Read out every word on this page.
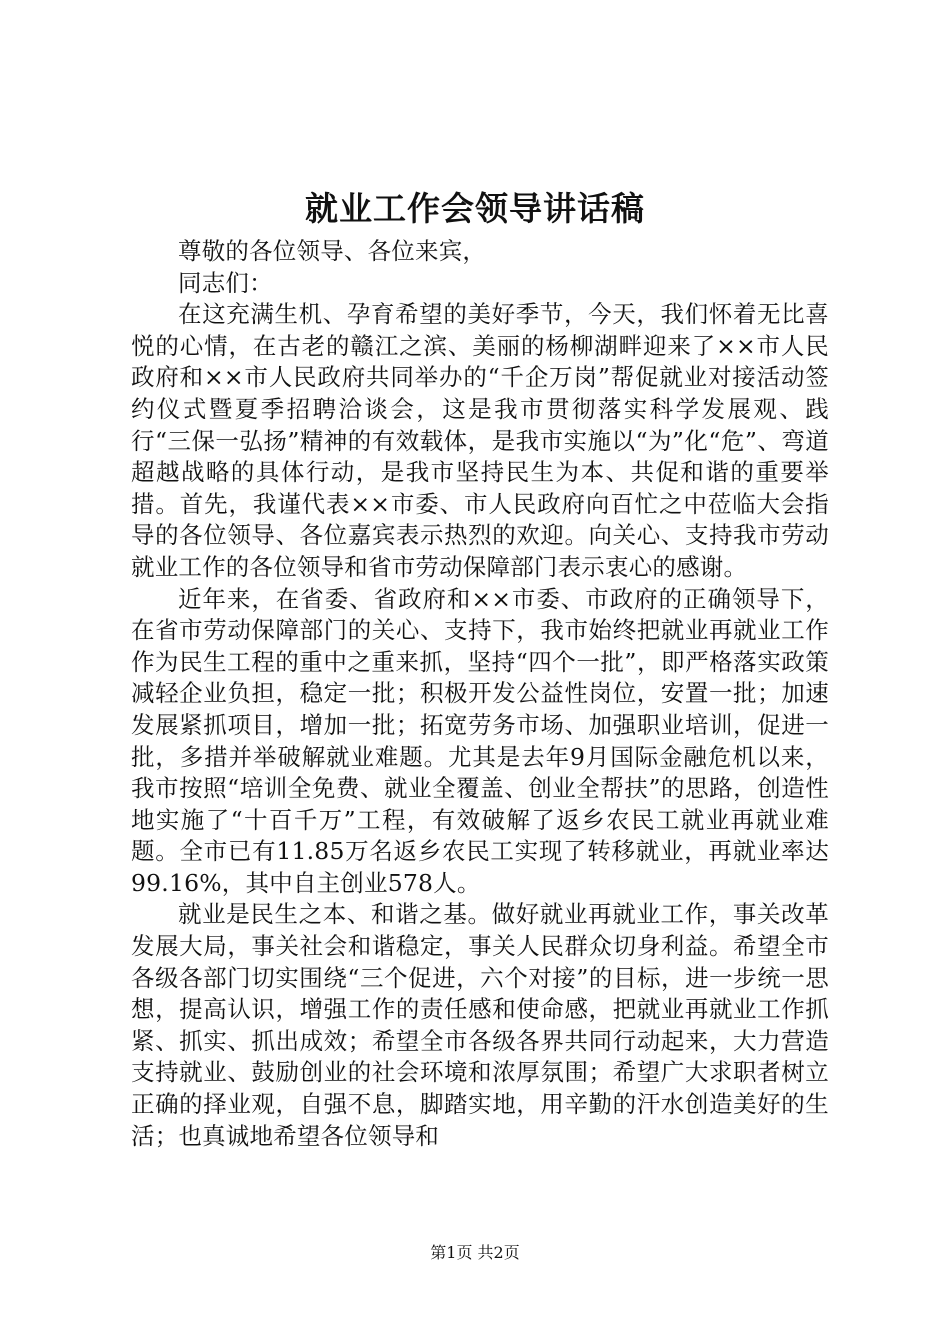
就业工作会领导讲话稿

尊敬的各位领导、各位来宾，

同志们：

在这充满生机、孕育希望的美好季节，今天，我们怀着无比喜悦的心情，在古老的赣江之滨、美丽的杨柳湖畔迎来了××市人民政府和××市人民政府共同举办的“千企万岗”帮促就业对接活动签约仪式暨夏季招聘洽谈会，这是我市贯彻落实科学发展观、践行“三保一弘扬”精神的有效载体，是我市实施以“为”化“危”、弯道超越战略的具体行动，是我市坚持民生为本、共促和谐的重要举措。首先，我谨代表××市委、市人民政府向百忙之中莅临大会指导的各位领导、各位嘉宾表示热烈的欢迎。向关心、支持我市劳动就业工作的各位领导和省市劳动保障部门表示衷心的感谢。

近年来，在省委、省政府和××市委、市政府的正确领导下，在省市劳动保障部门的关心、支持下，我市始终把就业再就业工作作为民生工程的重中之重来抓，坚持“四个一批”，即严格落实政策减轻企业负担，稳定一批；积极开发公益性岗位，安置一批；加速发展紧抓项目，增加一批；拓宽劳务市场、加强职业培训，促进一批，多措并举破解就业难题。尤其是去年9月国际金融危机以来，我市按照“培训全免费、就业全覆盖、创业全帮扶”的思路，创造性地实施了“十百千万”工程，有效破解了返乡农民工就业再就业难题。全市已有11.85万名返乡农民工实现了转移就业，再就业率达99.16%，其中自主创业578人。

就业是民生之本、和谐之基。做好就业再就业工作，事关改革发展大局，事关社会和谐稳定，事关人民群众切身利益。希望全市各级各部门切实围绕“三个促进，六个对接”的目标，进一步统一思想，提高认识，增强工作的责任感和使命感，把就业再就业工作抓紧、抓实、抓出成效；希望全市各级各界共同行动起来，大力营造支持就业、鼓励创业的社会环境和浓厚氛围；希望广大求职者树立正确的择业观，自强不息，脚踏实地，用辛勤的汗水创造美好的生活；也真诚地希望各位领导和

第1页 共2页
